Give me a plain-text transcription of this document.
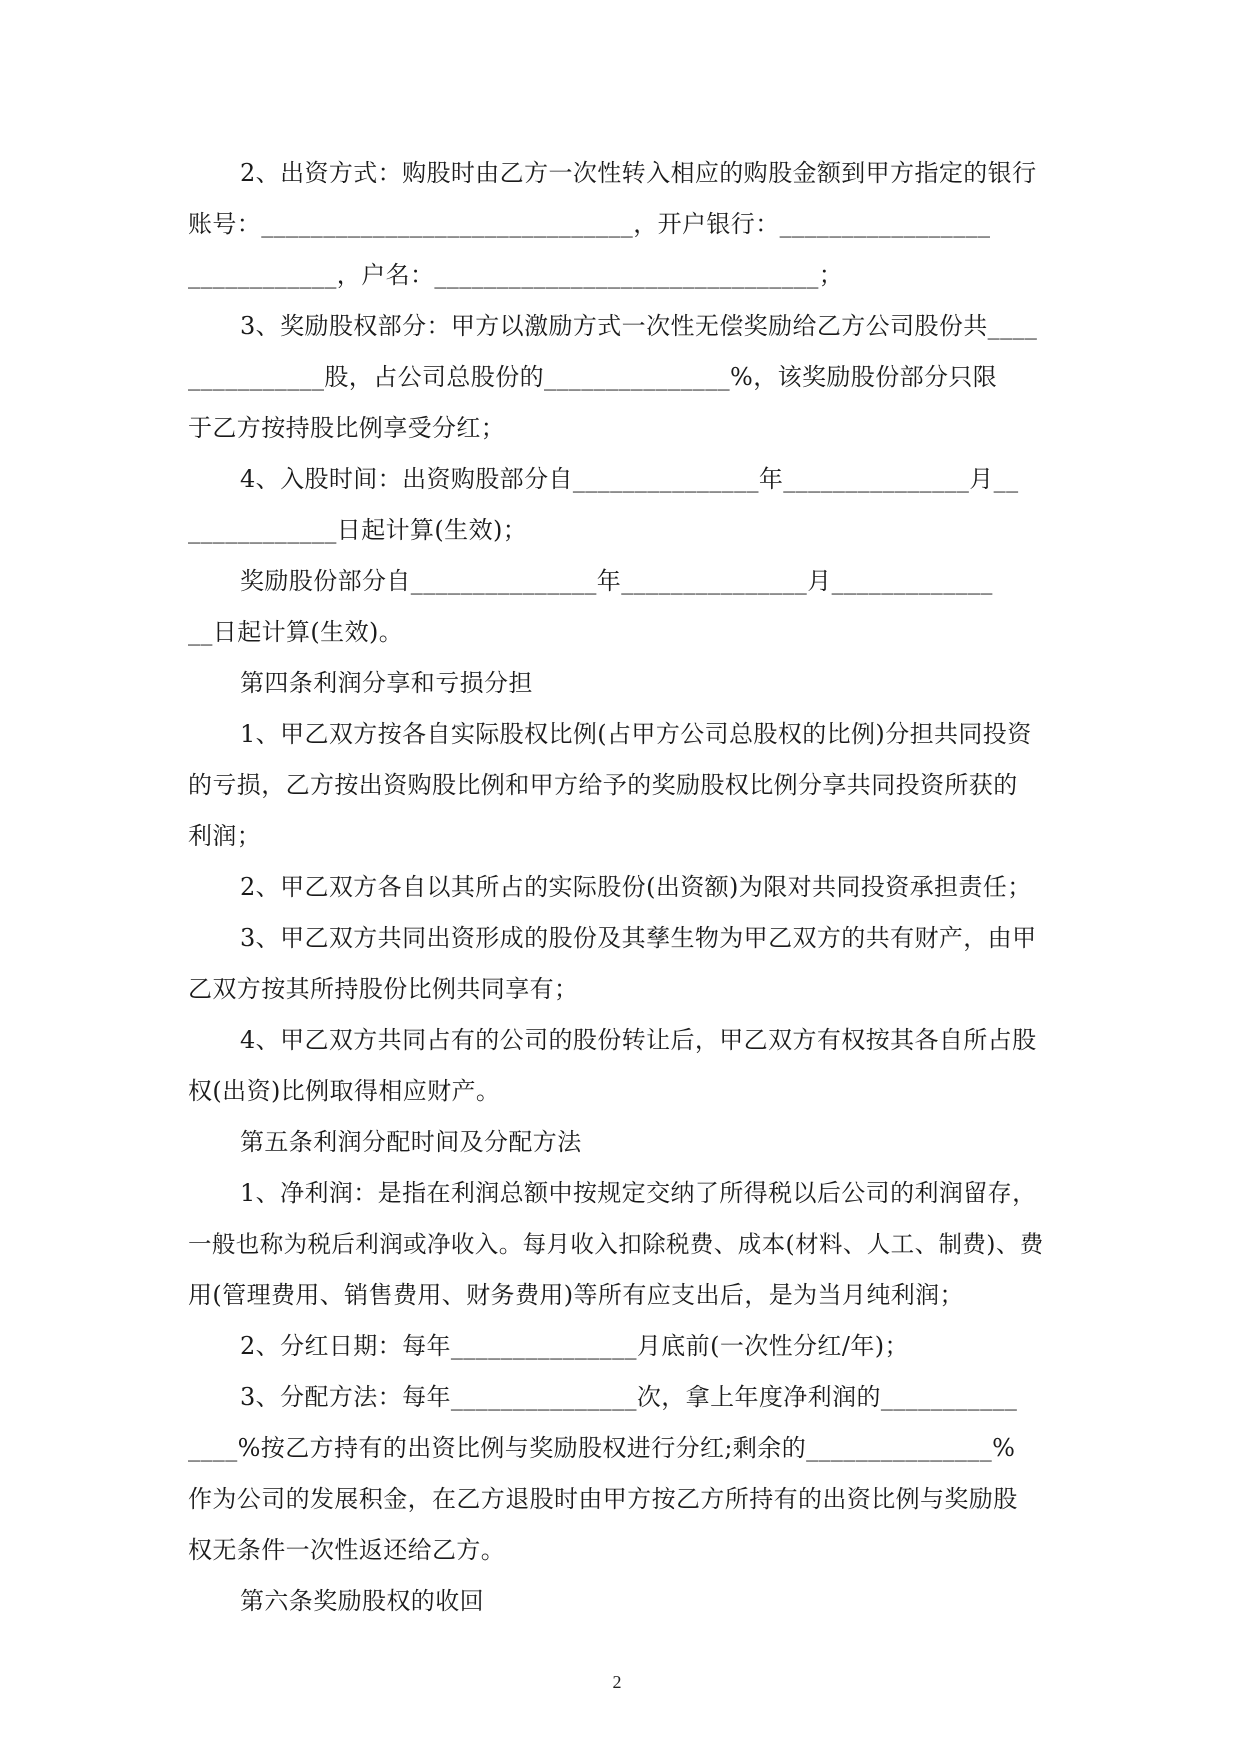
2、出资方式：购股时由乙方一次性转入相应的购股金额到甲方指定的银行
账号：______________________________，开户银行：_________________
____________，户名：_______________________________；
3、奖励股权部分：甲方以激励方式一次性无偿奖励给乙方公司股份共____
___________股，占公司总股份的_______________%，该奖励股份部分只限
于乙方按持股比例享受分红；
4、入股时间：出资购股部分自_______________年_______________月__
____________日起计算(生效)；
奖励股份部分自_______________年_______________月_____________
__日起计算(生效)。
第四条利润分享和亏损分担
1、甲乙双方按各自实际股权比例(占甲方公司总股权的比例)分担共同投资
的亏损，乙方按出资购股比例和甲方给予的奖励股权比例分享共同投资所获的
利润；
2、甲乙双方各自以其所占的实际股份(出资额)为限对共同投资承担责任；
3、甲乙双方共同出资形成的股份及其孳生物为甲乙双方的共有财产，由甲
乙双方按其所持股份比例共同享有；
4、甲乙双方共同占有的公司的股份转让后，甲乙双方有权按其各自所占股
权(出资)比例取得相应财产。
第五条利润分配时间及分配方法
1、净利润：是指在利润总额中按规定交纳了所得税以后公司的利润留存，
一般也称为税后利润或净收入。每月收入扣除税费、成本(材料、人工、制费)、费
用(管理费用、销售费用、财务费用)等所有应支出后，是为当月纯利润；
2、分红日期：每年_______________月底前(一次性分红/年)；
3、分配方法：每年_______________次，拿上年度净利润的___________
____%按乙方持有的出资比例与奖励股权进行分红;剩余的_______________%
作为公司的发展积金，在乙方退股时由甲方按乙方所持有的出资比例与奖励股
权无条件一次性返还给乙方。
第六条奖励股权的收回
2
